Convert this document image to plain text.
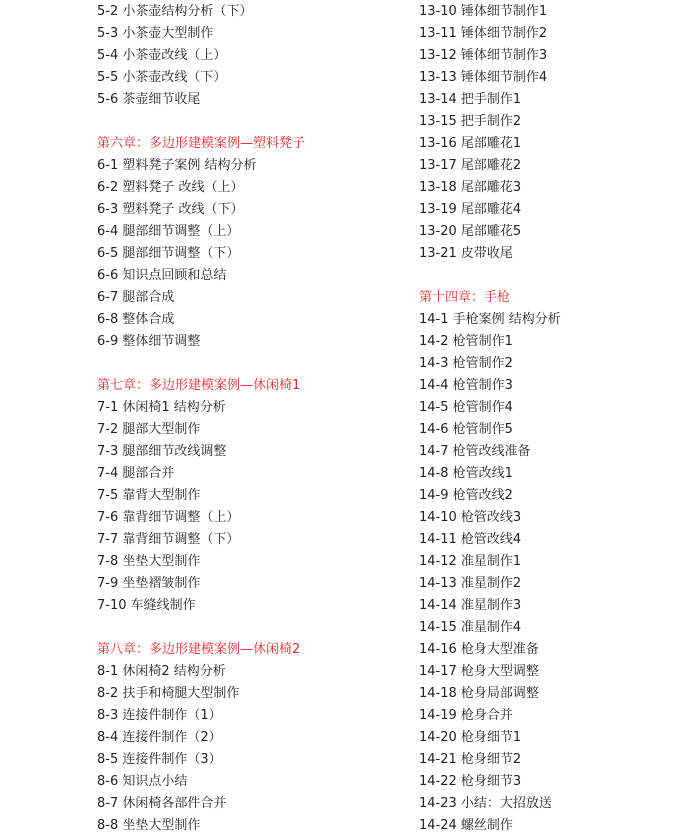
5-2 小茶壶结构分析（下）
5-3 小茶壶大型制作
5-4 小茶壶改线（上）
5-5 小茶壶改线（下）
5-6 茶壶细节收尾
第六章：多边形建模案例—塑料凳子
6-1 塑料凳子案例 结构分析
6-2 塑料凳子 改线（上）
6-3 塑料凳子 改线（下）
6-4 腿部细节调整（上）
6-5 腿部细节调整（下）
6-6 知识点回顾和总结
6-7 腿部合成
6-8 整体合成
6-9 整体细节调整
第七章：多边形建模案例—休闲椅1
7-1 休闲椅1 结构分析
7-2 腿部大型制作
7-3 腿部细节改线调整
7-4 腿部合并
7-5 靠背大型制作
7-6 靠背细节调整（上）
7-7 靠背细节调整（下）
7-8 坐垫大型制作
7-9 坐垫褶皱制作
7-10 车缝线制作
第八章：多边形建模案例—休闲椅2
8-1 休闲椅2 结构分析
8-2 扶手和椅腿大型制作
8-3 连接件制作（1）
8-4 连接件制作（2）
8-5 连接件制作（3）
8-6 知识点小结
8-7 休闲椅各部件合并
8-8 坐垫大型制作
13-10 锤体细节制作1
13-11 锤体细节制作2
13-12 锤体细节制作3
13-13 锤体细节制作4
13-14 把手制作1
13-15 把手制作2
13-16 尾部雕花1
13-17 尾部雕花2
13-18 尾部雕花3
13-19 尾部雕花4
13-20 尾部雕花5
13-21 皮带收尾
第十四章：手枪
14-1 手枪案例 结构分析
14-2 枪管制作1
14-3 枪管制作2
14-4 枪管制作3
14-5 枪管制作4
14-6 枪管制作5
14-7 枪管改线准备
14-8 枪管改线1
14-9 枪管改线2
14-10 枪管改线3
14-11 枪管改线4
14-12 准星制作1
14-13 准星制作2
14-14 准星制作3
14-15 准星制作4
14-16 枪身大型准备
14-17 枪身大型调整
14-18 枪身局部调整
14-19 枪身合并
14-20 枪身细节1
14-21 枪身细节2
14-22 枪身细节3
14-23 小结：大招放送
14-24 螺丝制作
